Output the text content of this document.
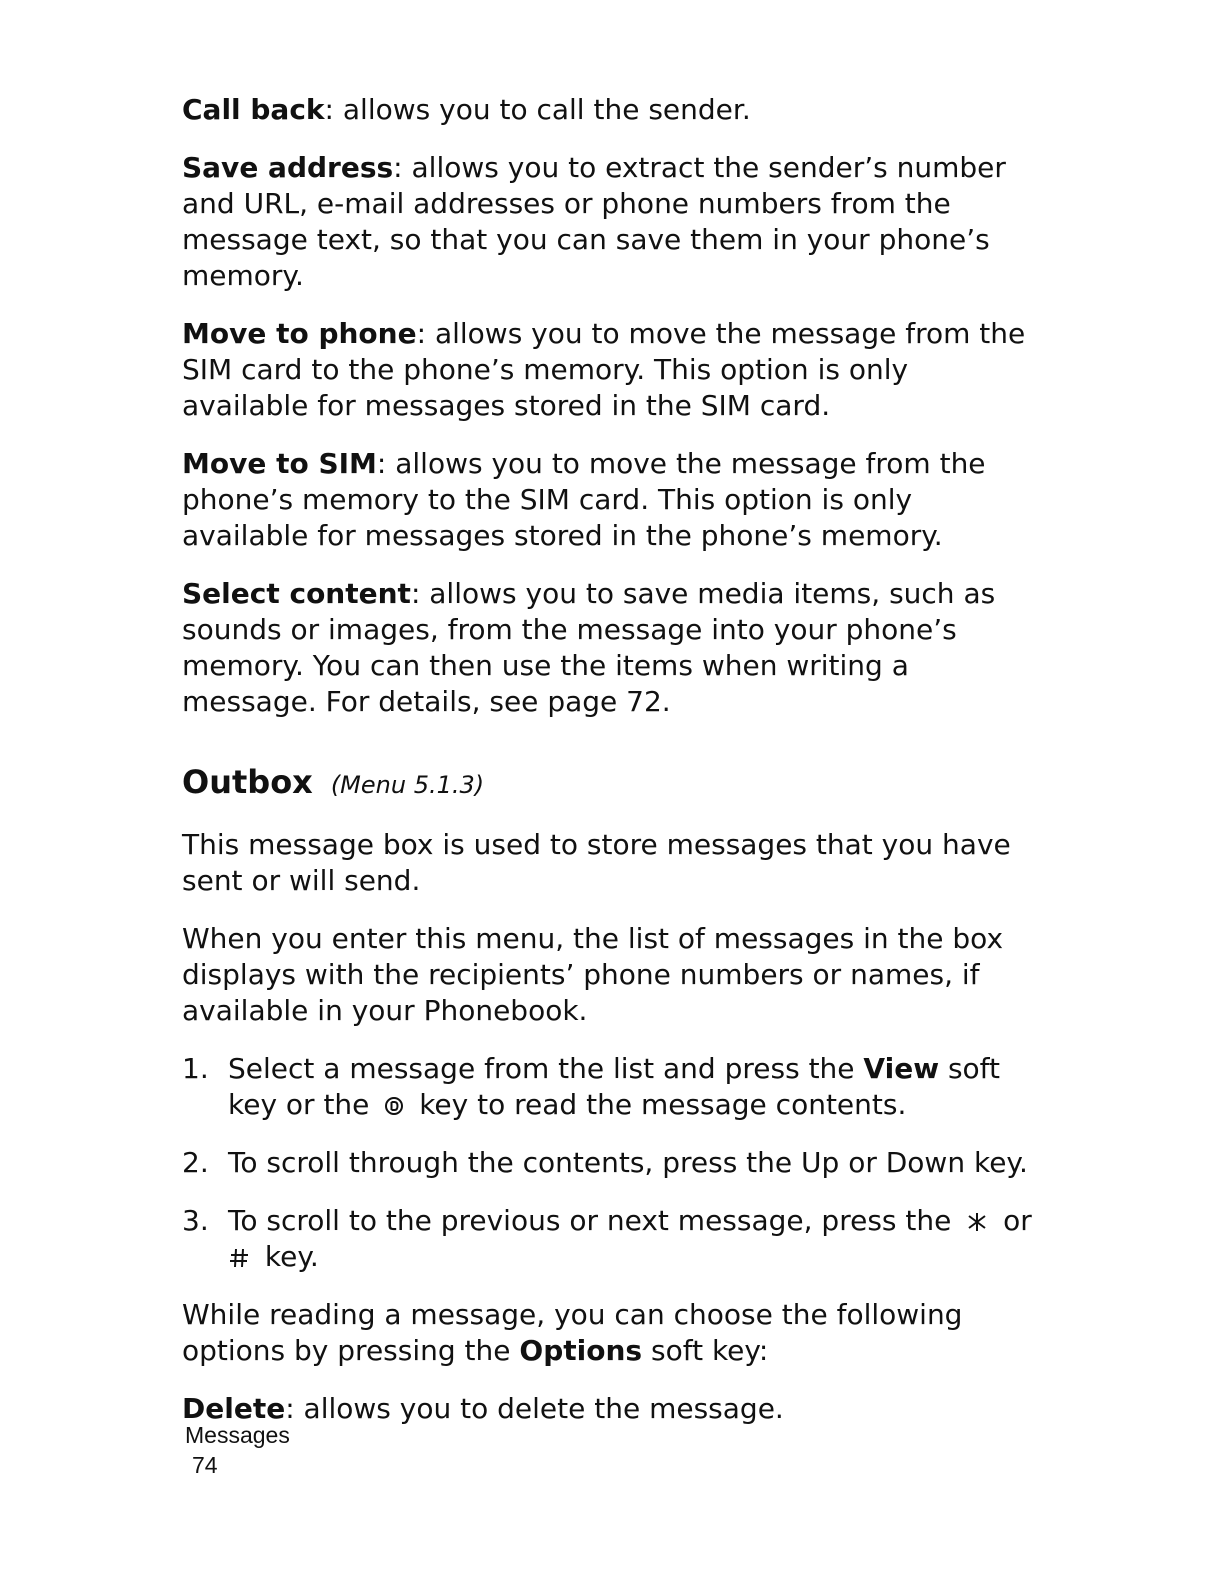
Call back: allows you to call the sender.

Save address: allows you to extract the sender’s number and URL, e-mail addresses or phone numbers from the message text, so that you can save them in your phone’s memory.

Move to phone: allows you to move the message from the SIM card to the phone’s memory. This option is only available for messages stored in the SIM card.

Move to SIM: allows you to move the message from the phone’s memory to the SIM card. This option is only available for messages stored in the phone’s memory.

Select content: allows you to save media items, such as sounds or images, from the message into your phone’s memory. You can then use the items when writing a message. For details, see page 72.

Outbox (Menu 5.1.3)

This message box is used to store messages that you have sent or will send.

When you enter this menu, the list of messages in the box displays with the recipients’ phone numbers or names, if available in your Phonebook.

1. Select a message from the list and press the View soft key or the  key to read the message contents.
2. To scroll through the contents, press the Up or Down key.
3. To scroll to the previous or next message, press the  or
key.

While reading a message, you can choose the following options by pressing the Options soft key:

Delete: allows you to delete the message.

Messages
74
